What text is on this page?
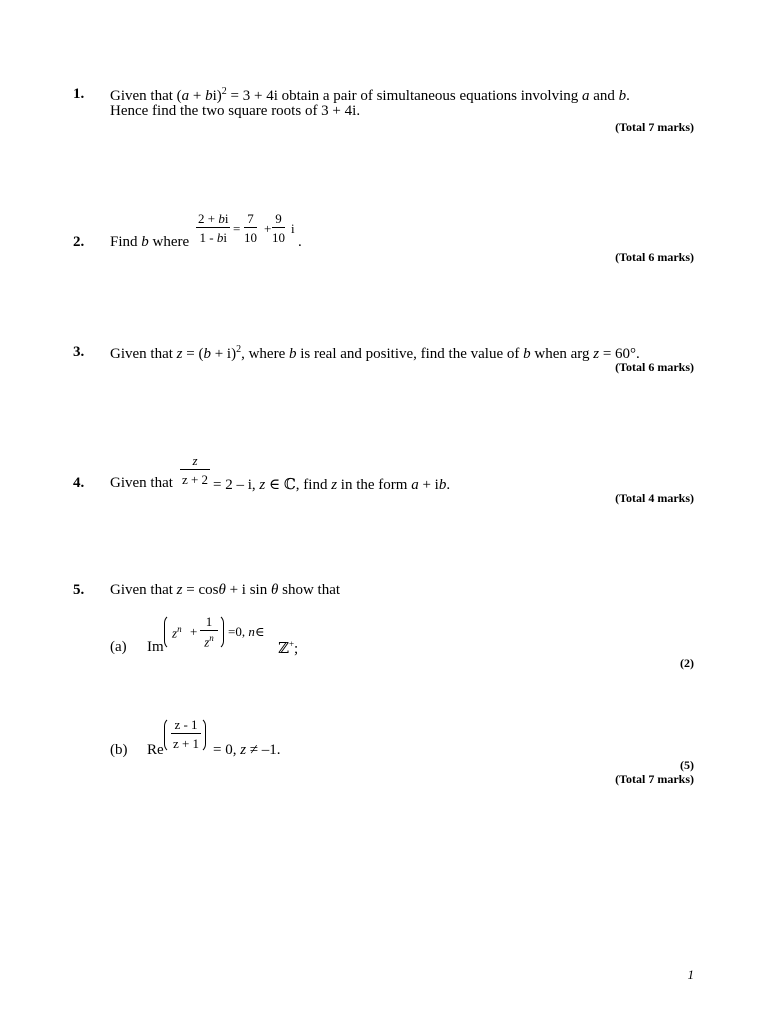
1. Given that (a + bi)$^2$ = 3 + 4i obtain a pair of simultaneous equations involving a and b.
Hence find the two square roots of 3 + 4i.
(Total 7 marks)
2. Find b where
2 + bi
1 - bi
=
7
10
+
9
10
i
.
(Total 6 marks)
3. Given that $z = (b + i)^2$, where b is real and positive, find the value of b when arg z = 60°.
(Total 6 marks)
4. Given that
z
z + 2 = 2 – i, z ∈ ℂ, find z in the form a + ib.
(Total 4 marks)
5. Given that z = cosθ + i sin θ show that
(a) Im
$z^n$ +
1
$z^n$	=0, n∈
ℤ+;
(2)
(b) Re
z - 1
z + 1 = 0, z ≠ –1.
(5)
(Total 7 marks)
1
